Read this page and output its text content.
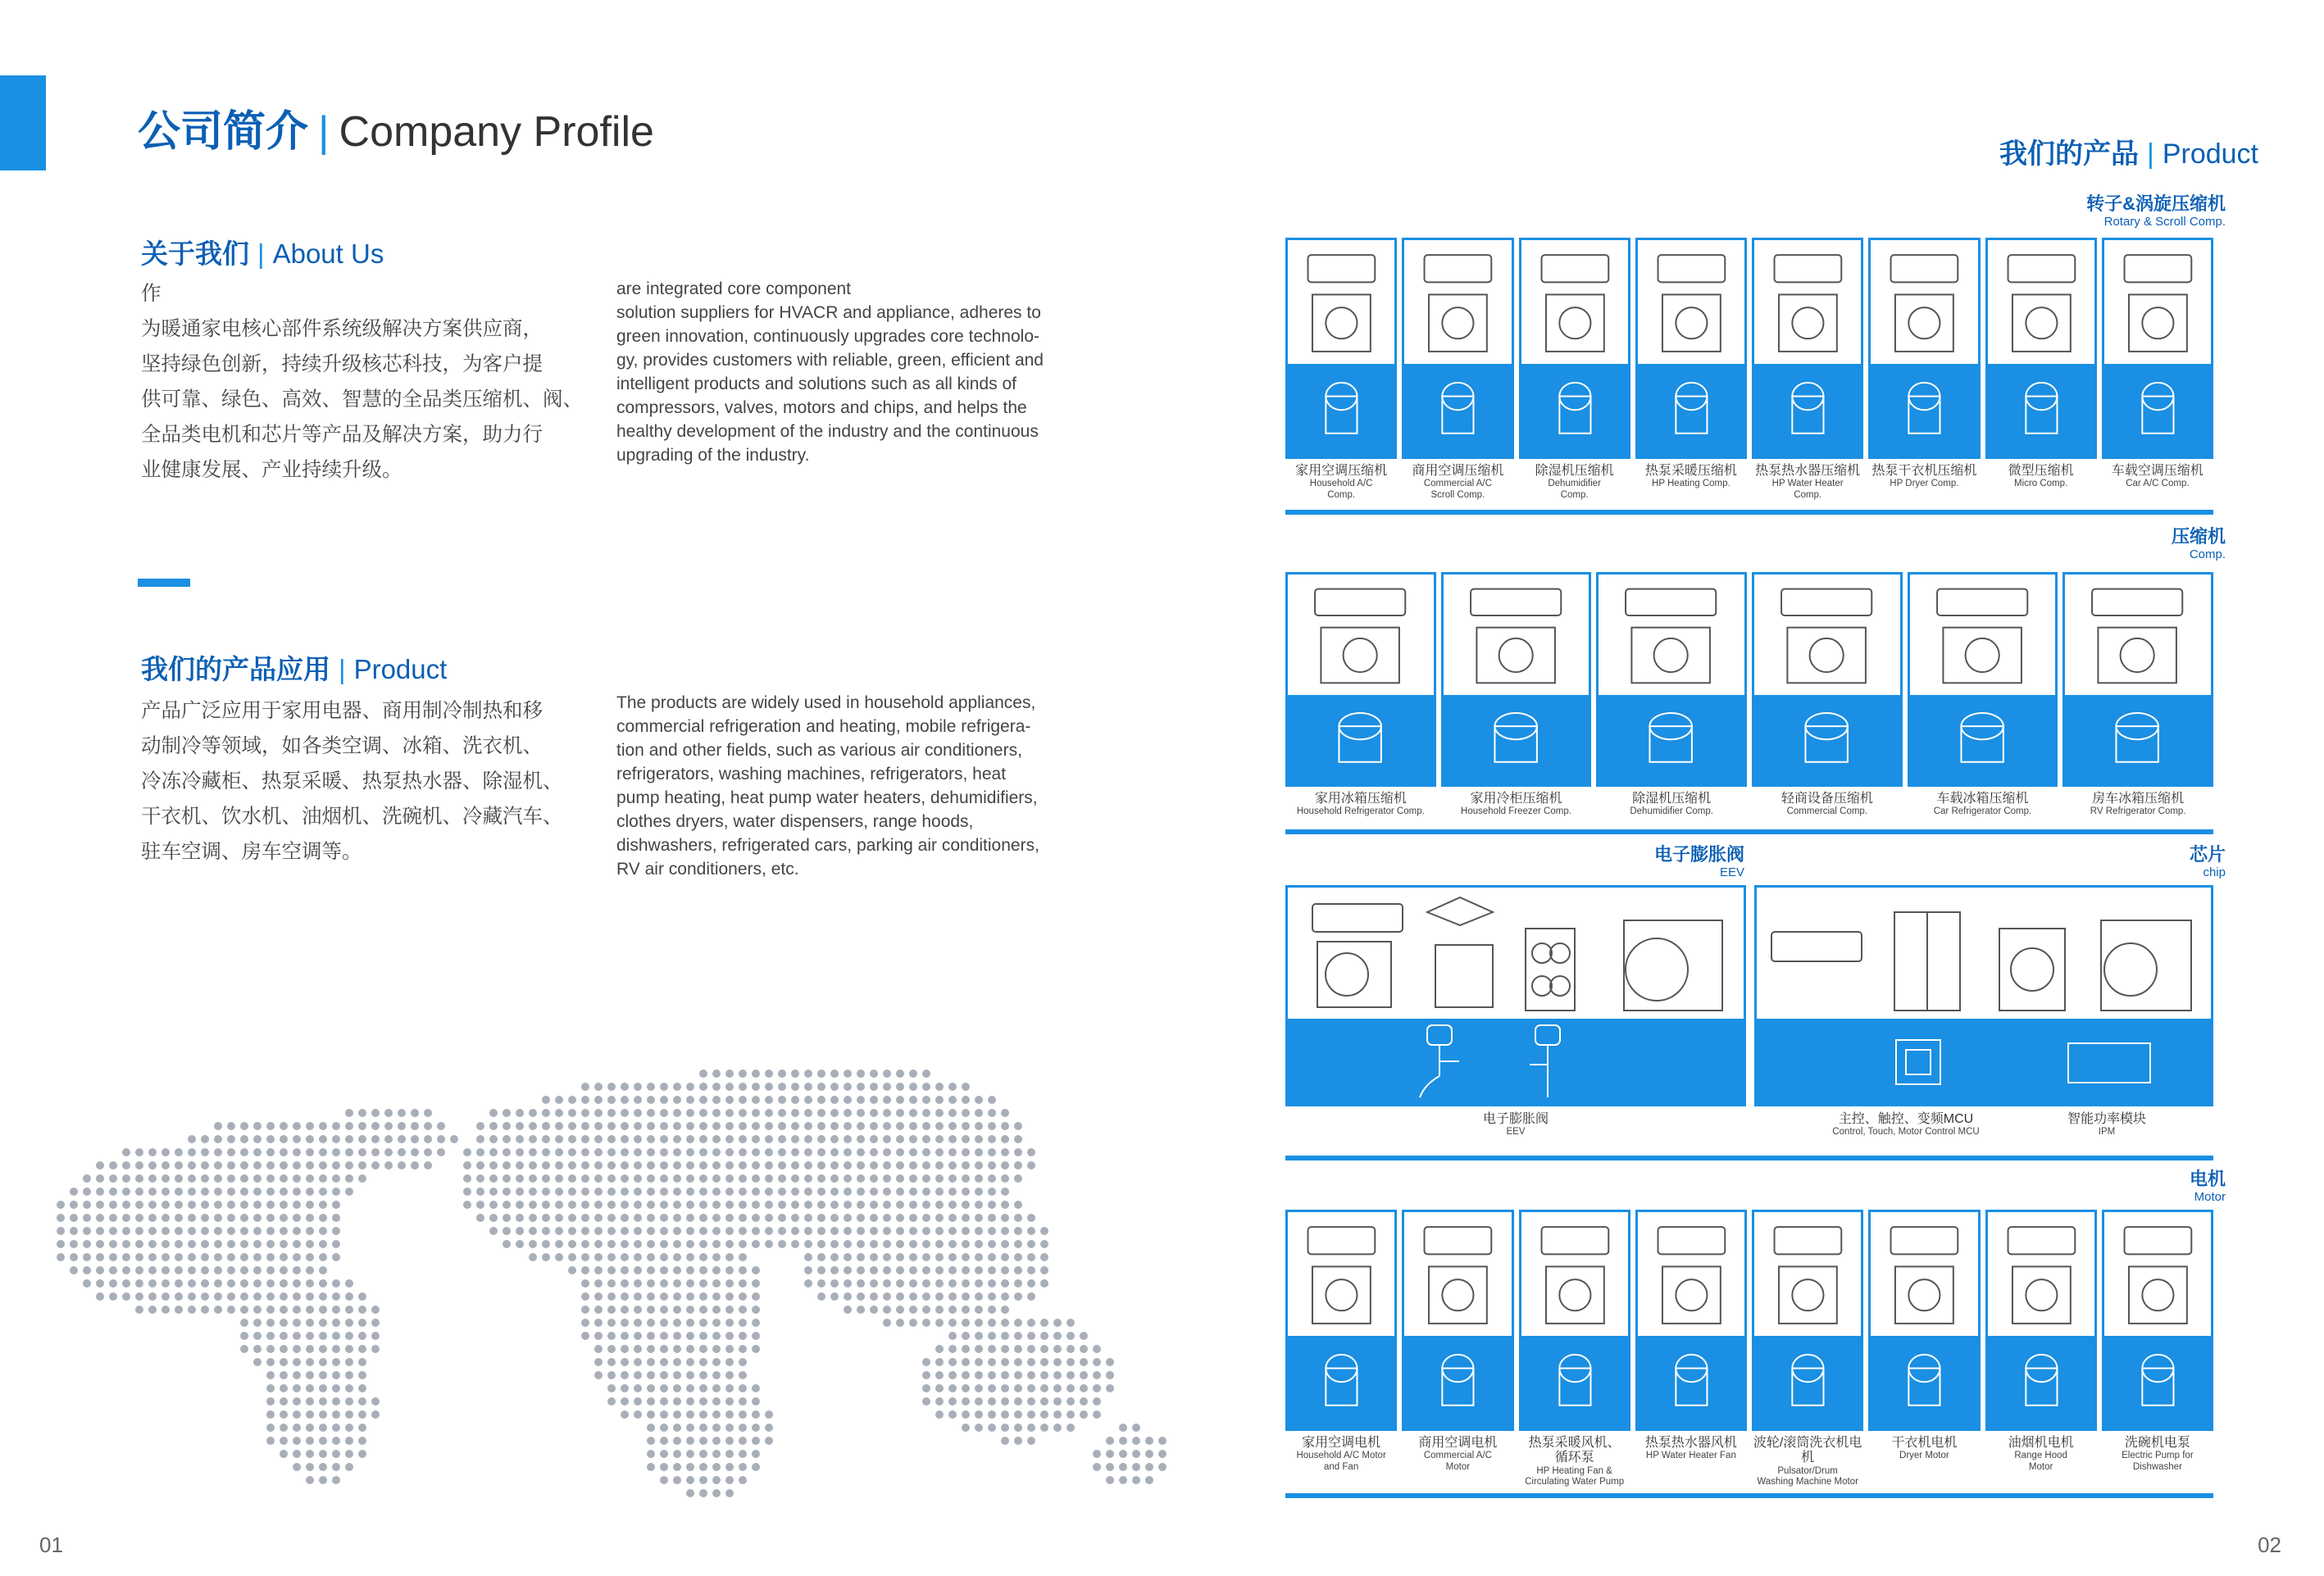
公司简介 | Company Profile
关于我们 | About Us
作
为暖通家电核心部件系统级解决方案供应商，
坚持绿色创新，持续升级核芯科技，为客户提
供可靠、绿色、高效、智慧的全品类压缩机、阀、
全品类电机和芯片等产品及解决方案，助力行
业健康发展、产业持续升级。
are integrated core component
solution suppliers for HVACR and appliance, adheres to
green innovation, continuously upgrades core technolo-
gy, provides customers with reliable, green, efficient and
intelligent products and solutions such as all kinds of
compressors, valves, motors and chips, and helps the
healthy development of the industry and the continuous
upgrading of the industry.
我们的产品应用 | Product
产品广泛应用于家用电器、商用制冷制热和移
动制冷等领域，如各类空调、冰箱、洗衣机、
冷冻冷藏柜、热泵采暖、热泵热水器、除湿机、
干衣机、饮水机、油烟机、洗碗机、冷藏汽车、
驻车空调、房车空调等。
The products are widely used in household appliances,
commercial refrigeration and heating, mobile refrigera-
tion and other fields, such as various air conditioners,
refrigerators, washing machines, refrigerators, heat
pump heating, heat pump water heaters, dehumidifiers,
clothes dryers, water dispensers, range hoods,
dishwashers, refrigerated cars, parking air conditioners,
RV air conditioners, etc.
01
我们的产品 | Product
02
转子&涡旋压缩机
Rotary & Scroll Comp.
家用空调压缩机
Household A/C
Comp.
商用空调压缩机
Commercial A/C
Scroll Comp.
除湿机压缩机
Dehumidifier
Comp.
热泵采暖压缩机
HP Heating Comp.
热泵热水器压缩机
HP Water Heater
Comp.
热泵干衣机压缩机
HP Dryer Comp.
微型压缩机
Micro Comp.
车载空调压缩机
Car A/C Comp.
压缩机
Comp.
家用冰箱压缩机
Household Refrigerator Comp.
家用冷柜压缩机
Household Freezer Comp.
除湿机压缩机
Dehumidifier Comp.
轻商设备压缩机
Commercial Comp.
车载冰箱压缩机
Car Refrigerator Comp.
房车冰箱压缩机
RV Refrigerator Comp.
电子膨胀阀
EEV
芯片
chip
电子膨胀阀
EEV
主控、触控、变频MCU
Control, Touch, Motor Control MCU
智能功率模块
IPM
电机
Motor
家用空调电机
Household A/C Motor
and Fan
商用空调电机
Commercial A/C
Motor
热泵采暖风机、
循环泵
HP Heating Fan &
Circulating Water Pump
热泵热水器风机
HP Water Heater Fan
波轮/滚筒洗衣机电机
Pulsator/Drum
Washing Machine Motor
干衣机电机
Dryer Motor
油烟机电机
Range Hood
Motor
洗碗机电泵
Electric Pump for
Dishwasher
